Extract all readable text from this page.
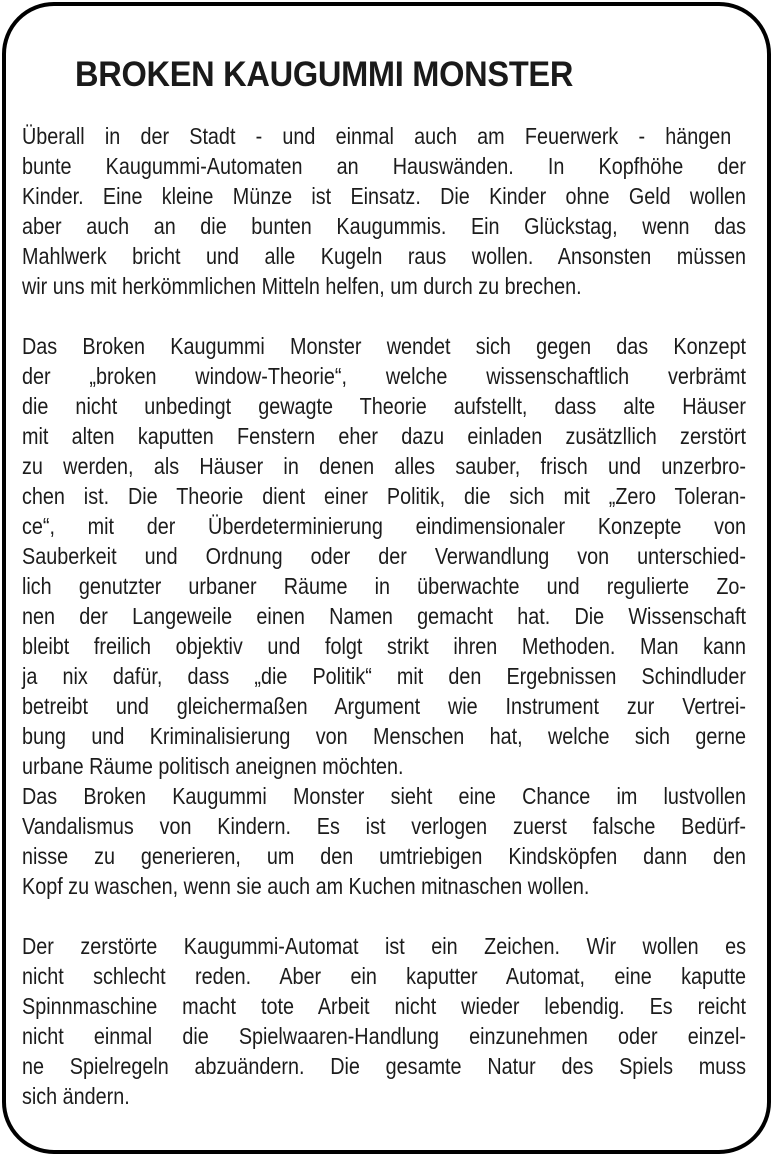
BROKEN KAUGUMMI MONSTER
Überall in der Stadt - und einmal auch am Feuerwerk - hängen
bunte Kaugummi-Automaten an Hauswänden. In Kopfhöhe der
Kinder. Eine kleine Münze ist Einsatz. Die Kinder ohne Geld wollen
aber auch an die bunten Kaugummis. Ein Glückstag, wenn das
Mahlwerk bricht und alle Kugeln raus wollen. Ansonsten müssen
wir uns mit herkömmlichen Mitteln helfen, um durch zu brechen.
Das Broken Kaugummi Monster wendet sich gegen das Konzept
der „broken window-Theorie“, welche wissenschaftlich verbrämt
die nicht unbedingt gewagte Theorie aufstellt, dass alte Häuser
mit alten kaputten Fenstern eher dazu einladen zusätzllich zerstört
zu werden, als Häuser in denen alles sauber, frisch und unzerbro-
chen ist. Die Theorie dient einer Politik, die sich mit „Zero Toleran-
ce“, mit der Überdeterminierung eindimensionaler Konzepte von
Sauberkeit und Ordnung oder der Verwandlung von unterschied-
lich genutzter urbaner Räume in überwachte und regulierte Zo-
nen der Langeweile einen Namen gemacht hat. Die Wissenschaft
bleibt freilich objektiv und folgt strikt ihren Methoden. Man kann
ja nix dafür, dass „die Politik“ mit den Ergebnissen Schindluder
betreibt und gleichermaßen Argument wie Instrument zur Vertrei-
bung und Kriminalisierung von Menschen hat, welche sich gerne
urbane Räume politisch aneignen möchten.
Das Broken Kaugummi Monster sieht eine Chance im lustvollen
Vandalismus von Kindern. Es ist verlogen zuerst falsche Bedürf-
nisse zu generieren, um den umtriebigen Kindsköpfen dann den
Kopf zu waschen, wenn sie auch am Kuchen mitnaschen wollen.
Der zerstörte Kaugummi-Automat ist ein Zeichen. Wir wollen es
nicht schlecht reden. Aber ein kaputter Automat, eine kaputte
Spinnmaschine macht tote Arbeit nicht wieder lebendig. Es reicht
nicht einmal die Spielwaaren-Handlung einzunehmen oder einzel-
ne Spielregeln abzuändern. Die gesamte Natur des Spiels muss
sich ändern.
